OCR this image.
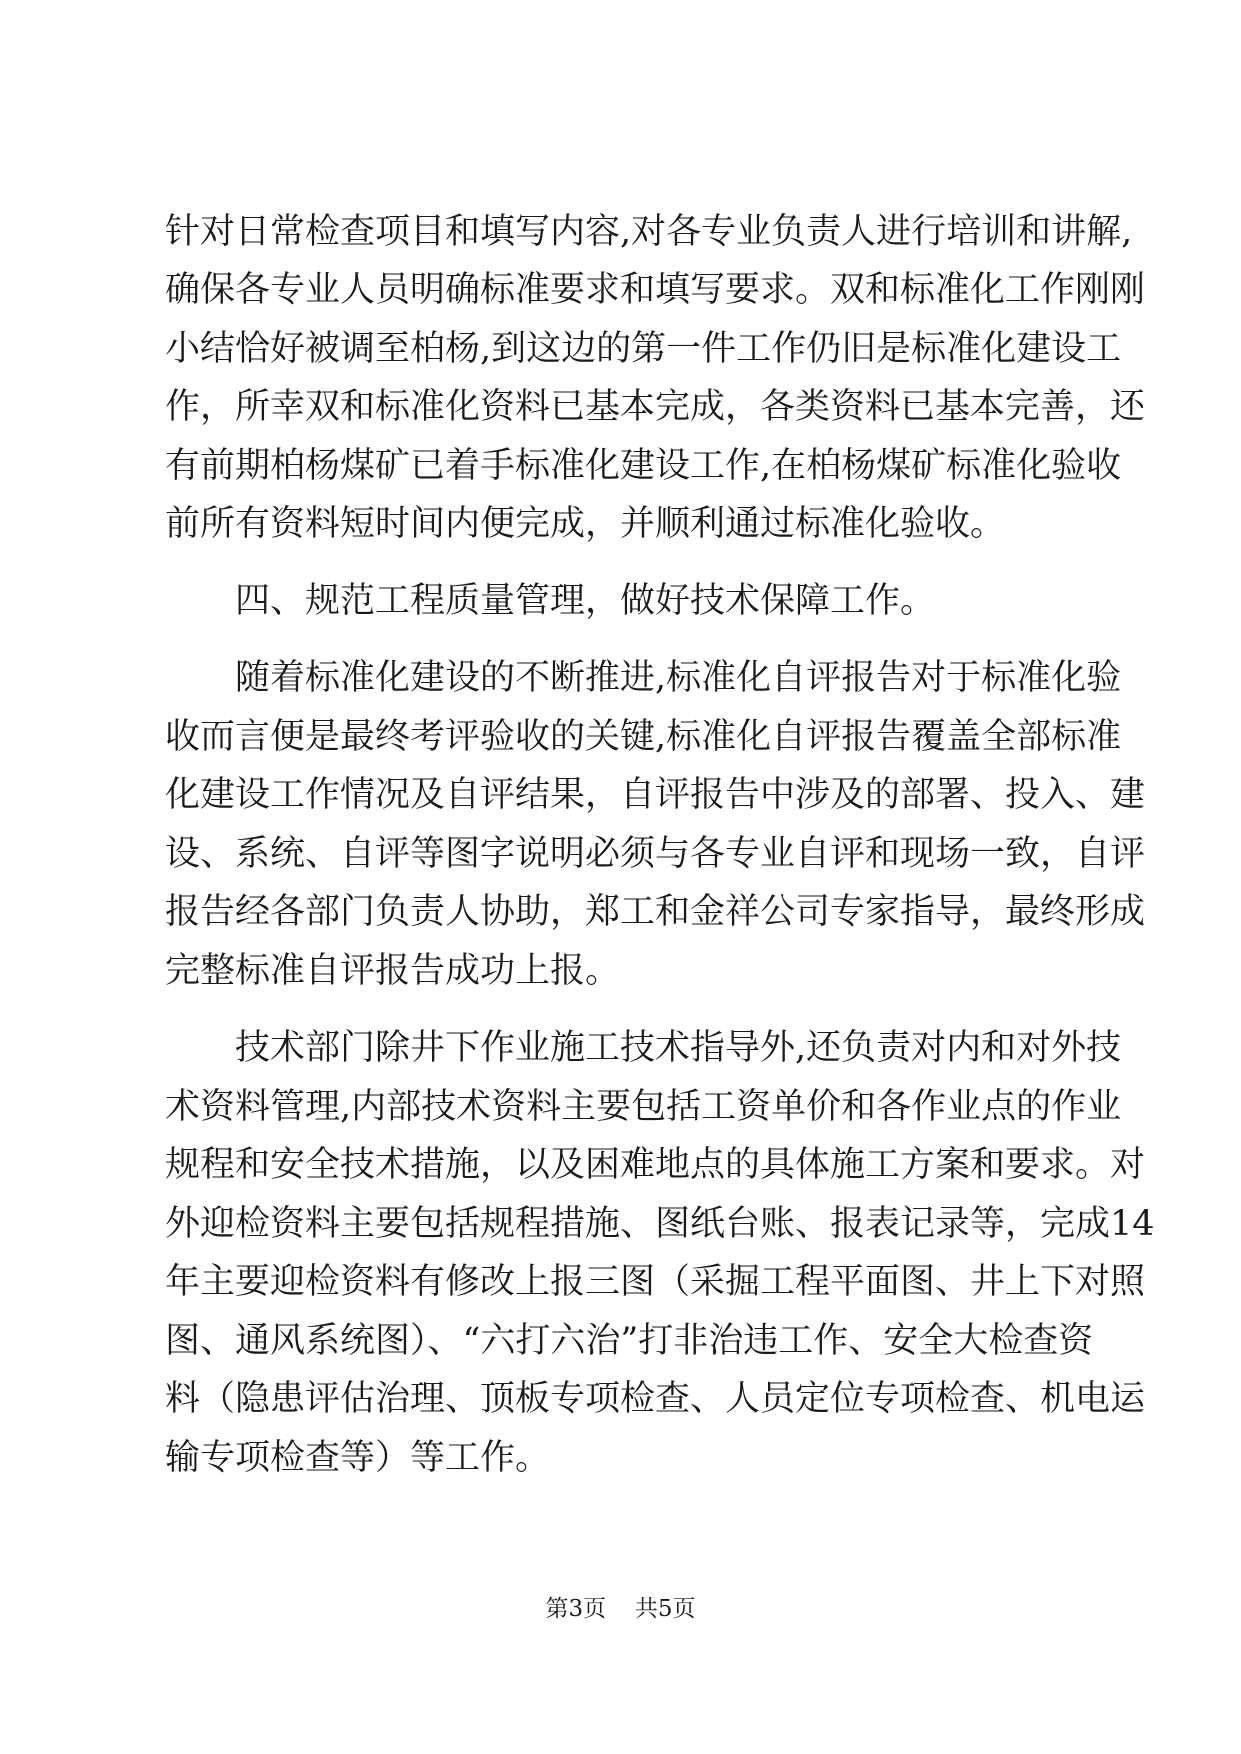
针对日常检查项目和填写内容,对各专业负责人进行培训和讲解,
确保各专业人员明确标准要求和填写要求。双和标准化工作刚刚
小结恰好被调至柏杨,到这边的第一件工作仍旧是标准化建设工
作，所幸双和标准化资料已基本完成，各类资料已基本完善，还
有前期柏杨煤矿已着手标准化建设工作,在柏杨煤矿标准化验收
前所有资料短时间内便完成，并顺利通过标准化验收。
四、规范工程质量管理，做好技术保障工作。
随着标准化建设的不断推进,标准化自评报告对于标准化验
收而言便是最终考评验收的关键,标准化自评报告覆盖全部标准
化建设工作情况及自评结果，自评报告中涉及的部署、投入、建
设、系统、自评等图字说明必须与各专业自评和现场一致，自评
报告经各部门负责人协助，郑工和金祥公司专家指导，最终形成
完整标准自评报告成功上报。
技术部门除井下作业施工技术指导外,还负责对内和对外技
术资料管理,内部技术资料主要包括工资单价和各作业点的作业
规程和安全技术措施，以及困难地点的具体施工方案和要求。对
外迎检资料主要包括规程措施、图纸台账、报表记录等，完成14
年主要迎检资料有修改上报三图（采掘工程平面图、井上下对照
图、通风系统图）、“六打六治”打非治违工作、安全大检查资
料（隐患评估治理、顶板专项检查、人员定位专项检查、机电运
输专项检查等）等工作。
第3页 共5页
